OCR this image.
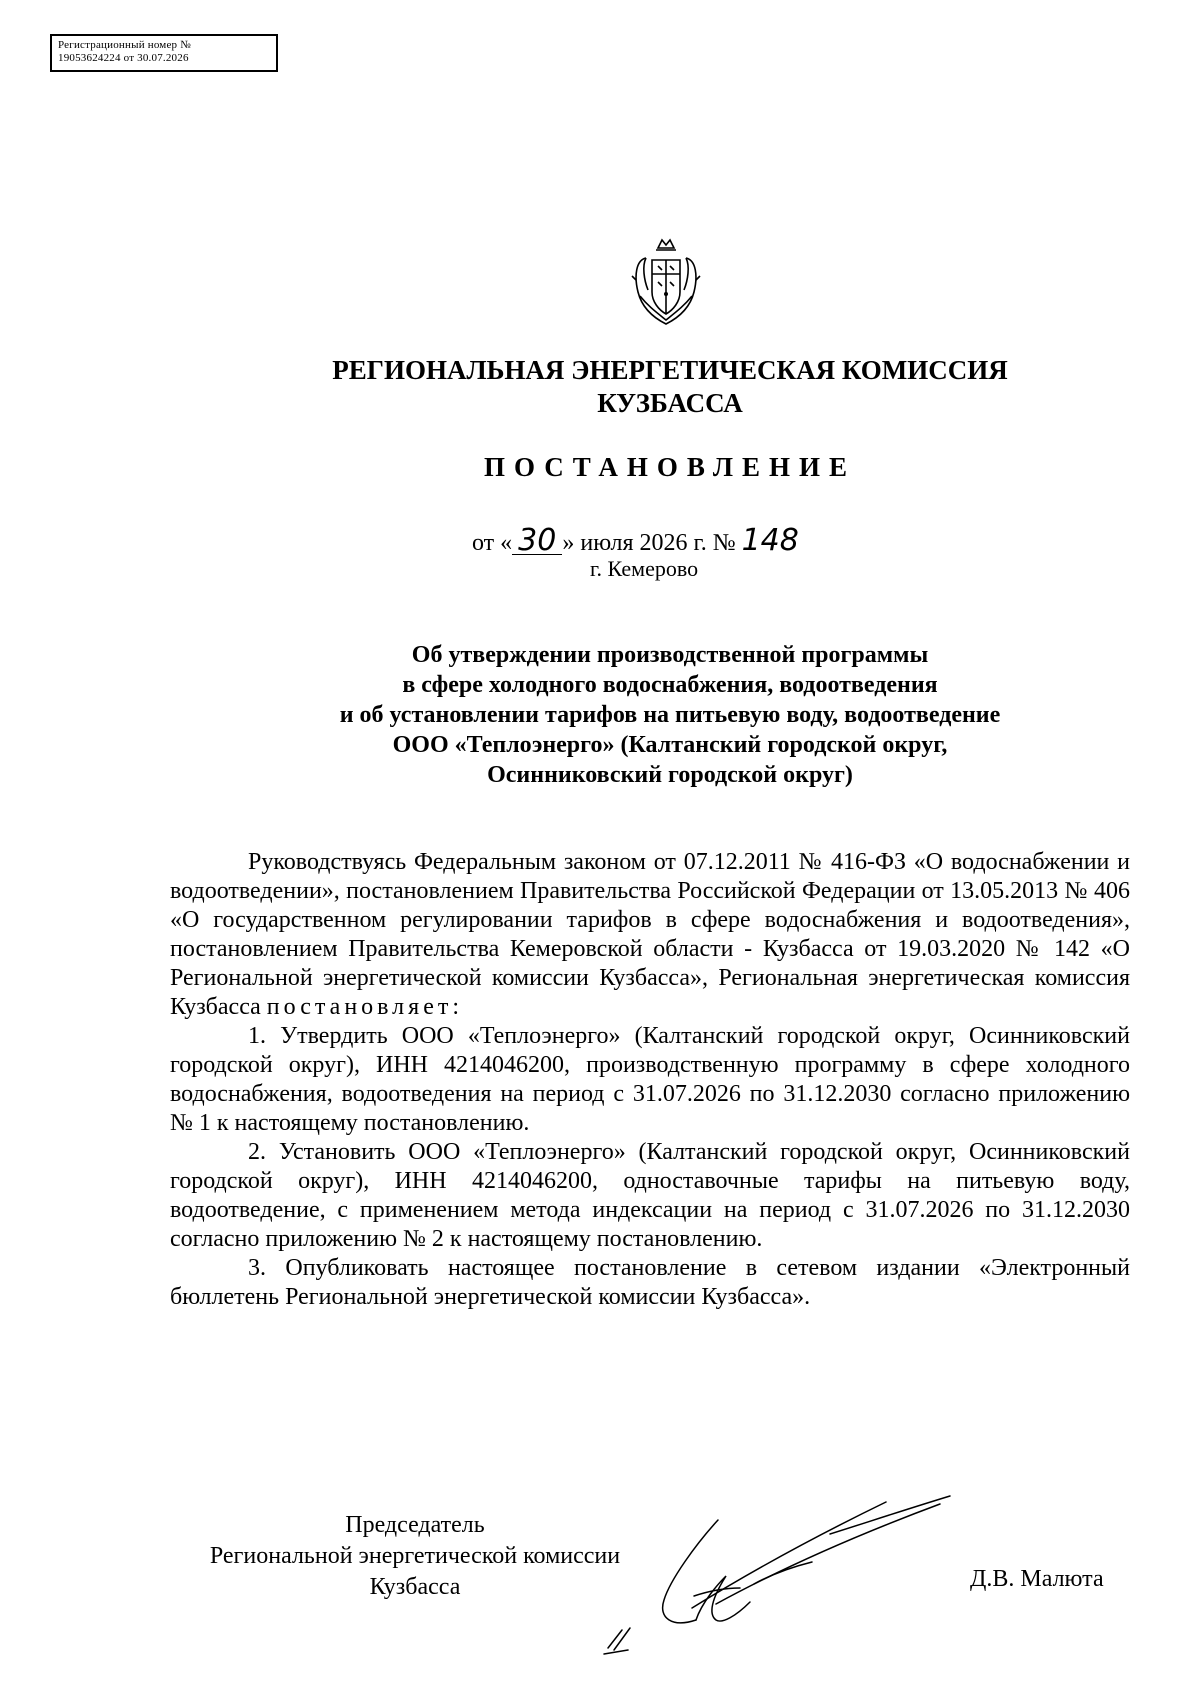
Регистрационный номер №
19053624224 от 30.07.2026
РЕГИОНАЛЬНАЯ ЭНЕРГЕТИЧЕСКАЯ КОМИССИЯ
КУЗБАССА
ПОСТАНОВЛЕНИЕ
от « 30 » июля 2026 г. № 148
г. Кемерово
Об утверждении производственной программы
в сфере холодного водоснабжения, водоотведения
и об установлении тарифов на питьевую воду, водоотведение
ООО «Теплоэнерго» (Калтанский городской округ,
Осинниковский городской округ)

Руководствуясь Федеральным законом от 07.12.2011 № 416-ФЗ «О водоснабжении и водоотведении», постановлением Правительства Российской Федерации от 13.05.2013 № 406 «О государственном регулировании тарифов в сфере водоснабжения и водоотведения», постановлением Правительства Кемеровской области - Кузбасса от 19.03.2020 № 142 «О Региональной энергетической комиссии Кузбасса», Региональная энергетическая комиссия Кузбасса постановляет:

1. Утвердить ООО «Теплоэнерго» (Калтанский городской округ, Осинниковский городской округ), ИНН 4214046200, производственную программу в сфере холодного водоснабжения, водоотведения на период с 31.07.2026 по 31.12.2030 согласно приложению № 1 к настоящему постановлению.

2. Установить ООО «Теплоэнерго» (Калтанский городской округ, Осинниковский городской округ), ИНН 4214046200, одноставочные тарифы на питьевую воду, водоотведение, с применением метода индексации на период с 31.07.2026 по 31.12.2030 согласно приложению № 2 к настоящему постановлению.

3. Опубликовать настоящее постановление в сетевом издании «Электронный бюллетень Региональной энергетической комиссии Кузбасса».

Председатель
Региональной энергетической комиссии
Кузбасса	Д.В. Малюта
